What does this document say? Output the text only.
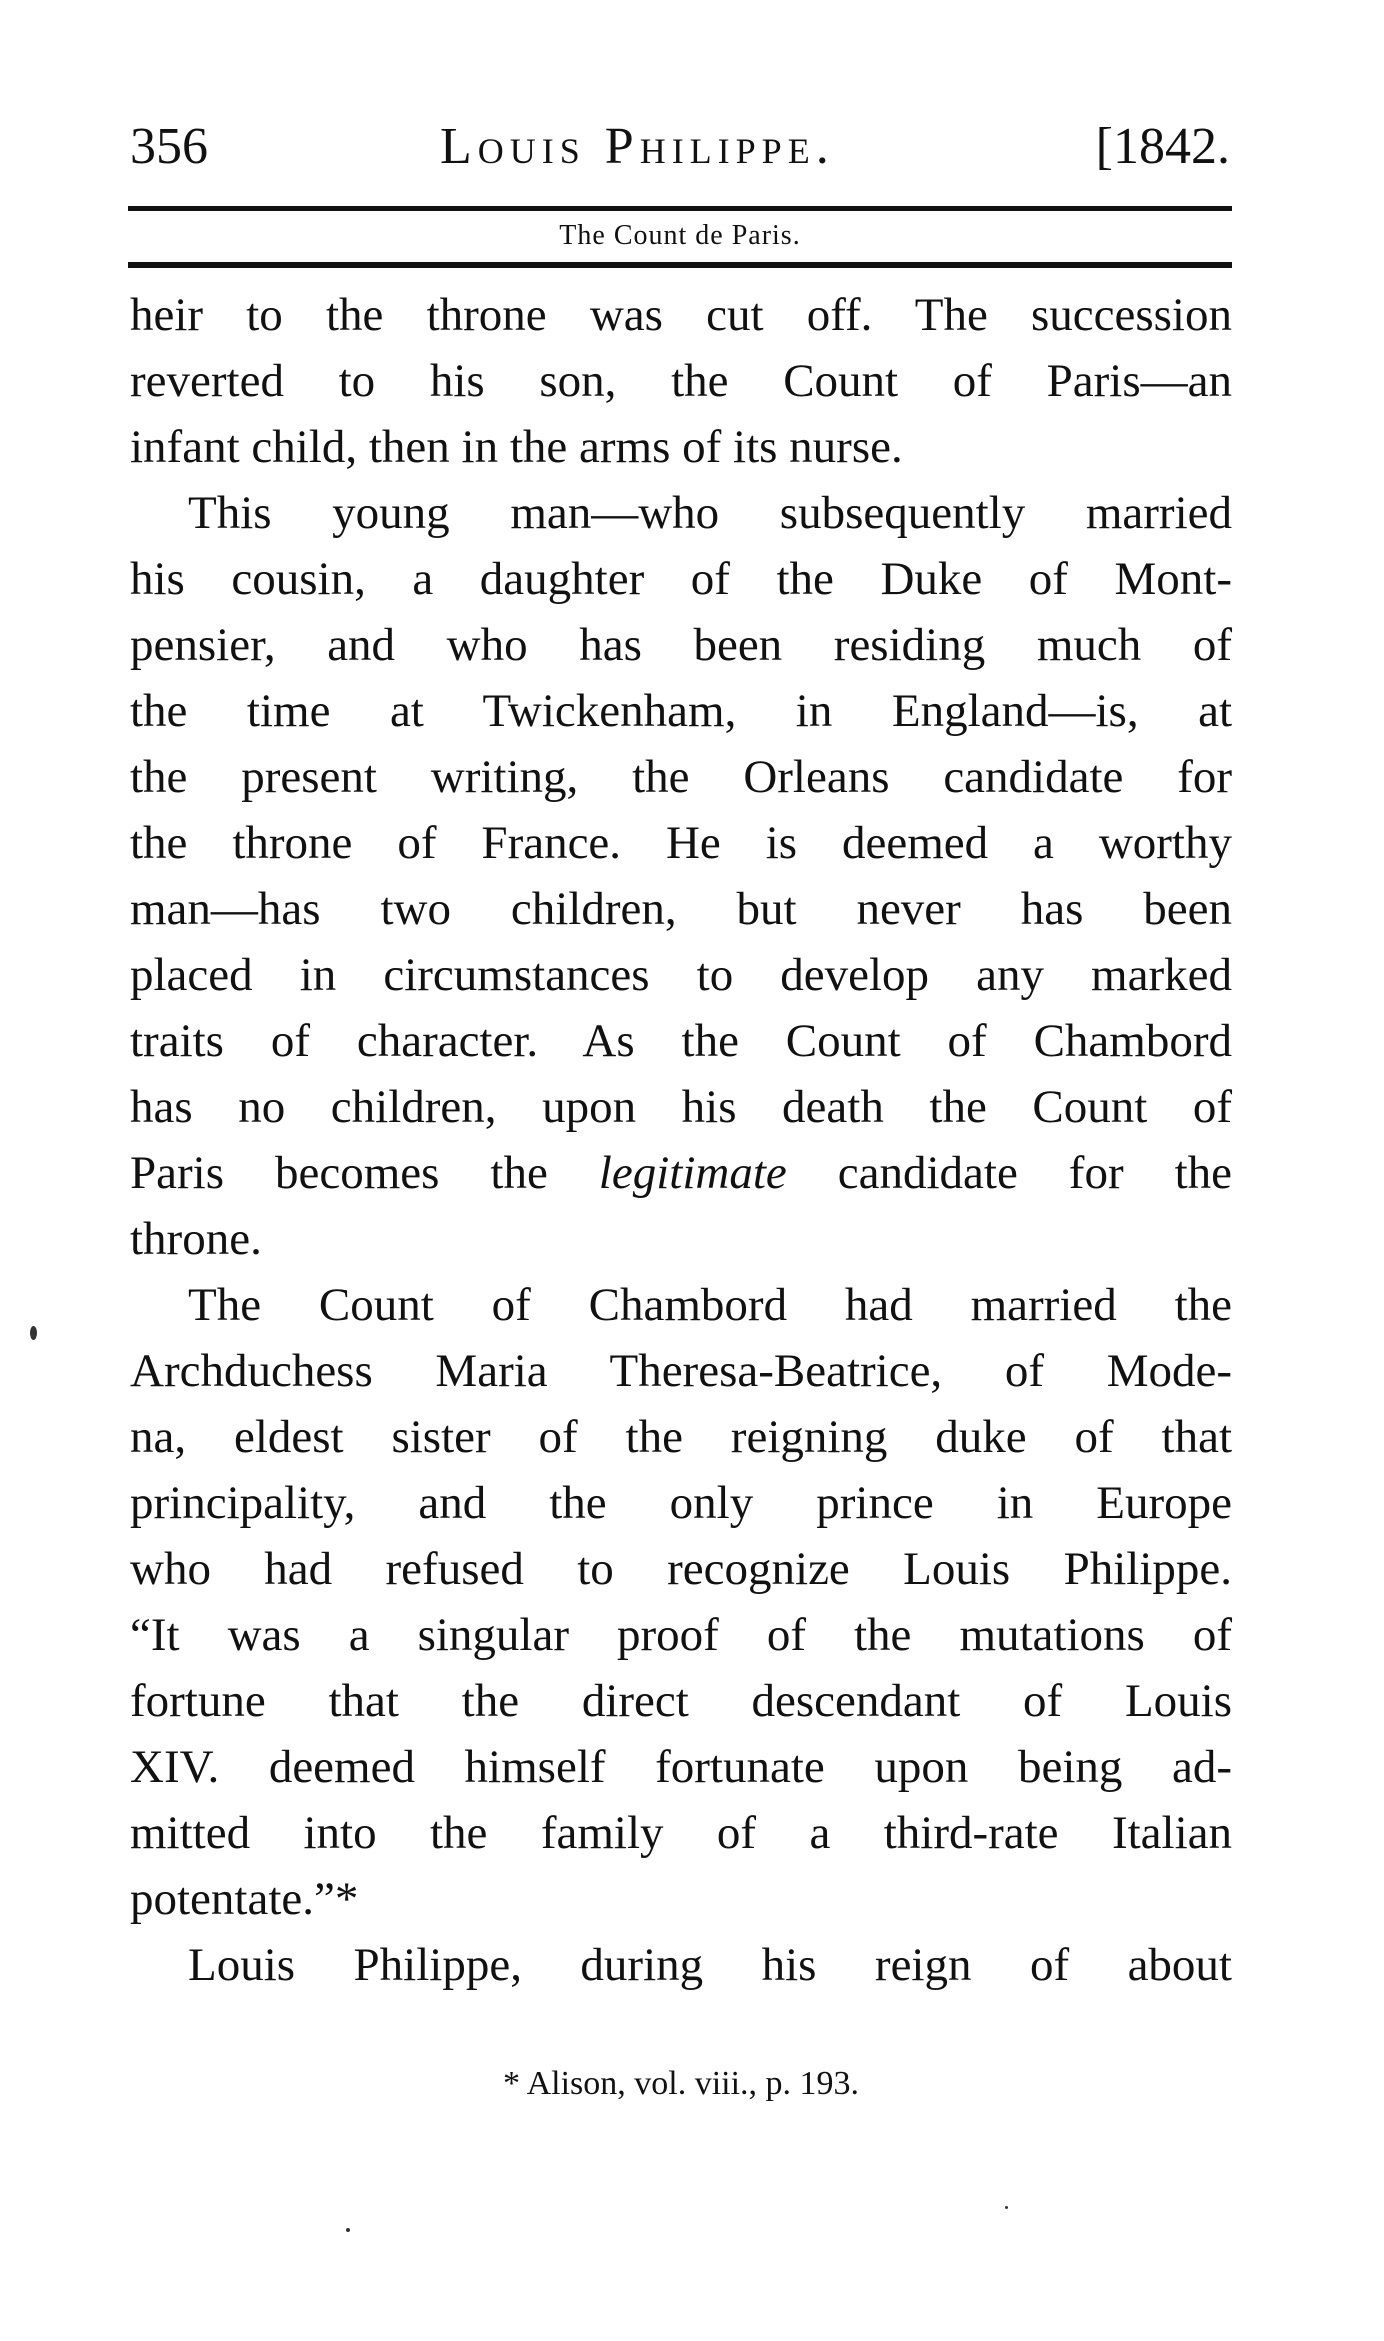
356	Louis Philippe.	[1842.
The Count de Paris.
heir to the throne was cut off. The succession
reverted to his son, the Count of Paris—an
infant child, then in the arms of its nurse.
This young man—who subsequently married
his cousin, a daughter of the Duke of Mont-
pensier, and who has been residing much of
the time at Twickenham, in England—is, at
the present writing, the Orleans candidate for
the throne of France. He is deemed a worthy
man—has two children, but never has been
placed in circumstances to develop any marked
traits of character. As the Count of Chambord
has no children, upon his death the Count of
Paris becomes the legitimate candidate for the
throne.
The Count of Chambord had married the
Archduchess Maria Theresa-Beatrice, of Mode-
na, eldest sister of the reigning duke of that
principality, and the only prince in Europe
who had refused to recognize Louis Philippe.
“It was a singular proof of the mutations of
fortune that the direct descendant of Louis
XIV. deemed himself fortunate upon being ad-
mitted into the family of a third-rate Italian
potentate.”*
Louis Philippe, during his reign of about
* Alison, vol. viii., p. 193.
